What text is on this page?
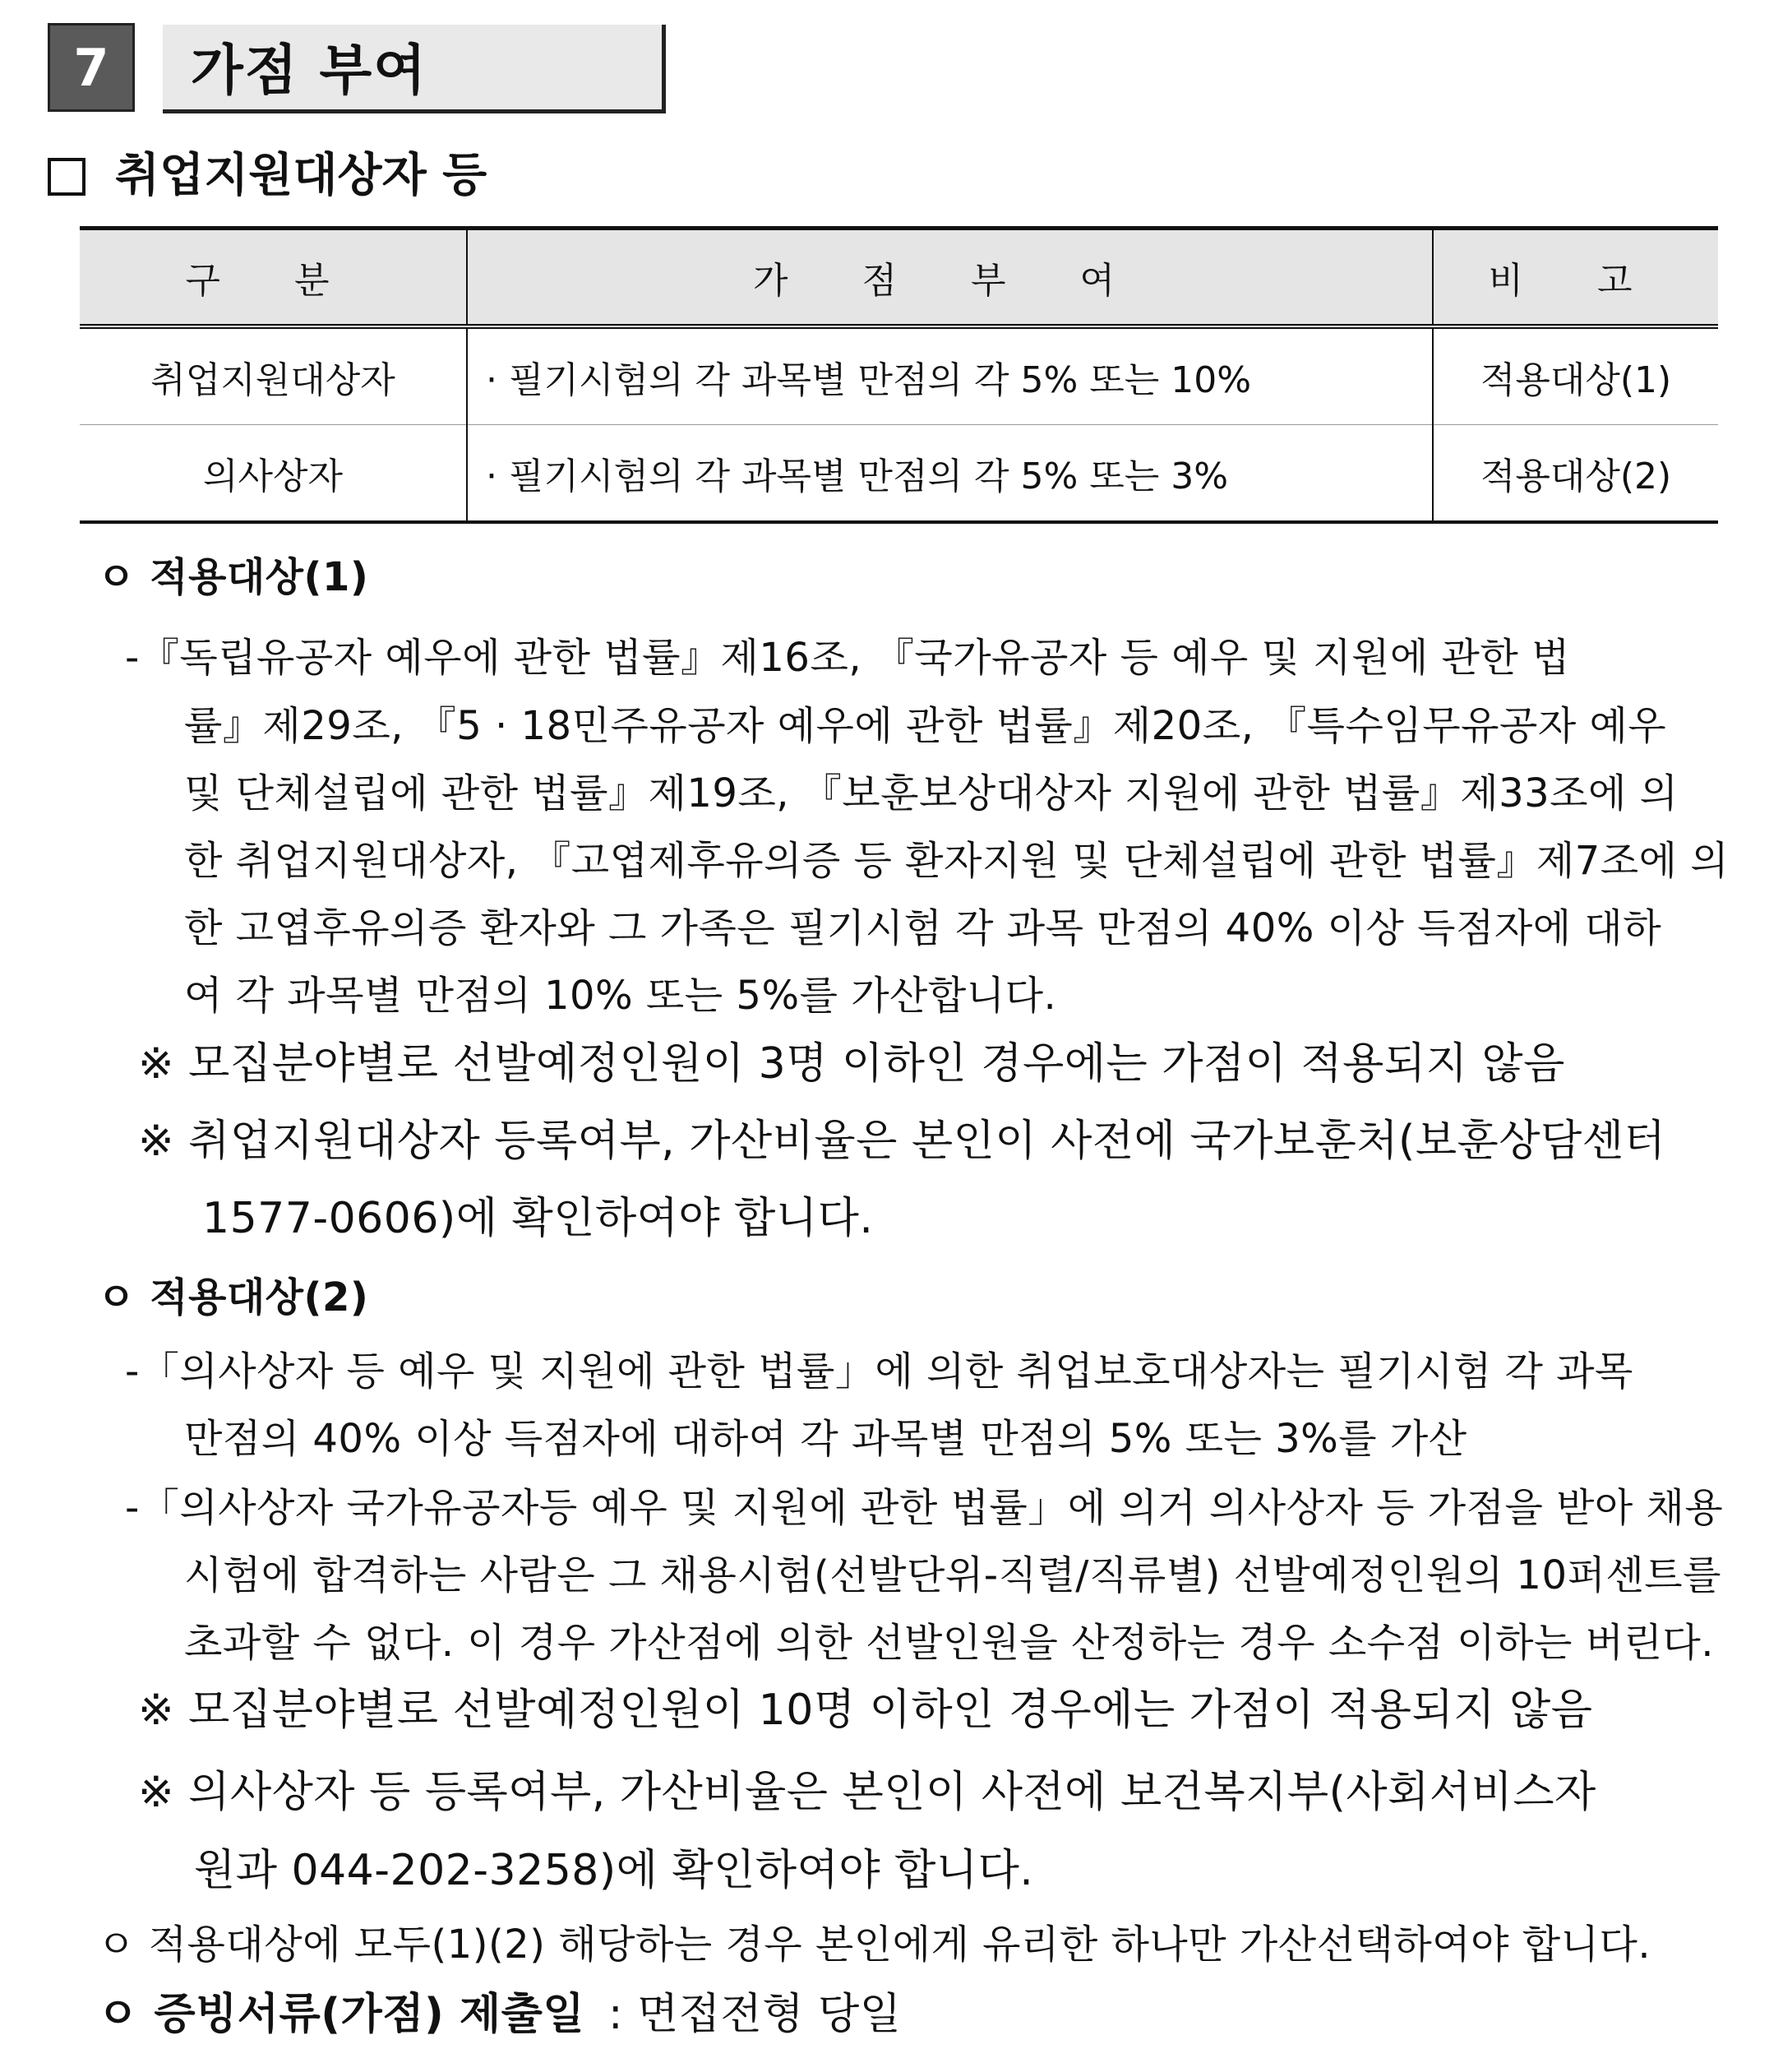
7	가점 부여
취업지원대상자 등
구 분	가 점 부 여	비 고
취업지원대상자	· 필기시험의 각 과목별 만점의 각 5% 또는 10%	적용대상(1)
의사상자	· 필기시험의 각 과목별 만점의 각 5% 또는 3%	적용대상(2)
ㅇ 적용대상(1)
-『독립유공자 예우에 관한 법률』제16조, 『국가유공자 등 예우 및 지원에 관한 법
률』제29조, 『5 · 18민주유공자 예우에 관한 법률』제20조, 『특수임무유공자 예우
및 단체설립에 관한 법률』제19조, 『보훈보상대상자 지원에 관한 법률』제33조에 의
한 취업지원대상자, 『고엽제후유의증 등 환자지원 및 단체설립에 관한 법률』제7조에 의
한 고엽후유의증 환자와 그 가족은 필기시험 각 과목 만점의 40% 이상 득점자에 대하
여 각 과목별 만점의 10% 또는 5%를 가산합니다.
※ 모집분야별로 선발예정인원이 3명 이하인 경우에는 가점이 적용되지 않음
※ 취업지원대상자 등록여부, 가산비율은 본인이 사전에 국가보훈처(보훈상담센터
1577-0606)에 확인하여야 합니다.
ㅇ 적용대상(2)
-「의사상자 등 예우 및 지원에 관한 법률」에 의한 취업보호대상자는 필기시험 각 과목
만점의 40% 이상 득점자에 대하여 각 과목별 만점의 5% 또는 3%를 가산
-「의사상자 국가유공자등 예우 및 지원에 관한 법률」에 의거 의사상자 등 가점을 받아 채용
시험에 합격하는 사람은 그 채용시험(선발단위-직렬/직류별) 선발예정인원의 10퍼센트를
초과할 수 없다. 이 경우 가산점에 의한 선발인원을 산정하는 경우 소수점 이하는 버린다.
※ 모집분야별로 선발예정인원이 10명 이하인 경우에는 가점이 적용되지 않음
※ 의사상자 등 등록여부, 가산비율은 본인이 사전에 보건복지부(사회서비스자
원과 044-202-3258)에 확인하여야 합니다.
ㅇ 적용대상에 모두(1)(2) 해당하는 경우 본인에게 유리한 하나만 가산선택하여야 합니다.
ㅇ 증빙서류(가점) 제출일 : 면접전형 당일
